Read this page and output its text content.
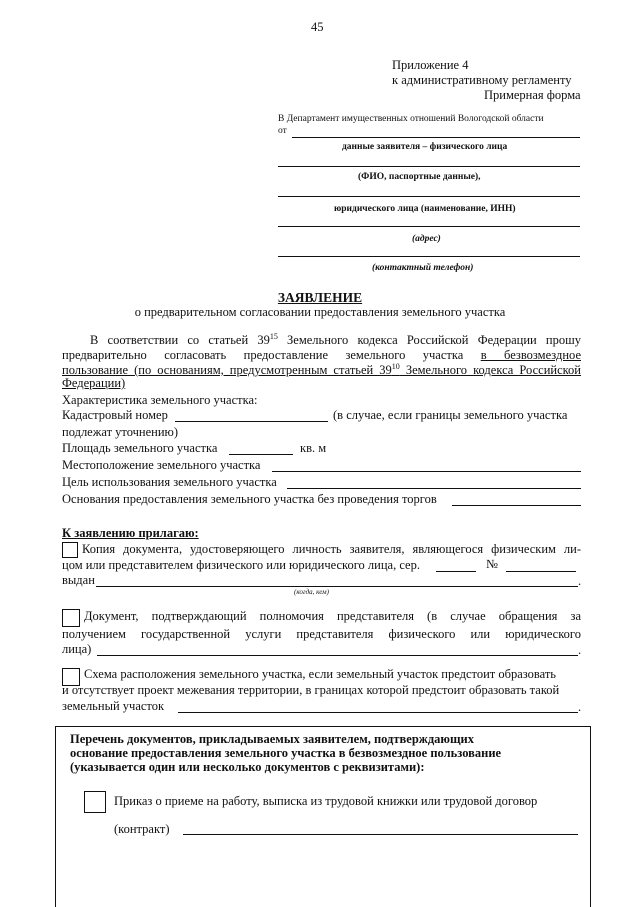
45
Приложение 4
к административному регламенту
Примерная форма
В Департамент имущественных отношений Вологодской области
от
данные заявителя – физического лица
(ФИО, паспортные данные),
юридического лица (наименование, ИНН)
(адрес)
(контактный телефон)
ЗАЯВЛЕНИЕ
о предварительном согласовании предоставления земельного участка
В соответствии со статьей $39^{15}$ Земельного кодекса Российской Федерации прошу
предварительно согласовать предоставление земельного участка в безвозмездное
пользование (по основаниям, предусмотренным статьей $39^{10}$ Земельного кодекса Российской
Федерации)
Характеристика земельного участка:
Кадастровый номер	(в случае, если границы земельного участка
подлежат уточнению)
Площадь земельного участка	кв. м
Местоположение земельного участка
Цель использования земельного участка
Основания предоставления земельного участка без проведения торгов
К заявлению прилагаю:
Копия документа, удостоверяющего личность заявителя, являющегося физическим ли-
цом или представителем физического или юридического лица, сер.	№
выдан	.
(когда, кем)
Документ, подтверждающий полномочия представителя (в случае обращения за
получением государственной услуги представителя физического или юридического
лица)	.
Схема расположения земельного участка, если земельный участок предстоит образовать
и отсутствует проект межевания территории, в границах которой предстоит образовать такой
земельный участок	.
Перечень документов, прикладываемых заявителем, подтверждающих
основание предоставления земельного участка в безвозмездное пользование
(указывается один или несколько документов с реквизитами):
Приказ о приеме на работу, выписка из трудовой книжки или трудовой договор
(контракт)
